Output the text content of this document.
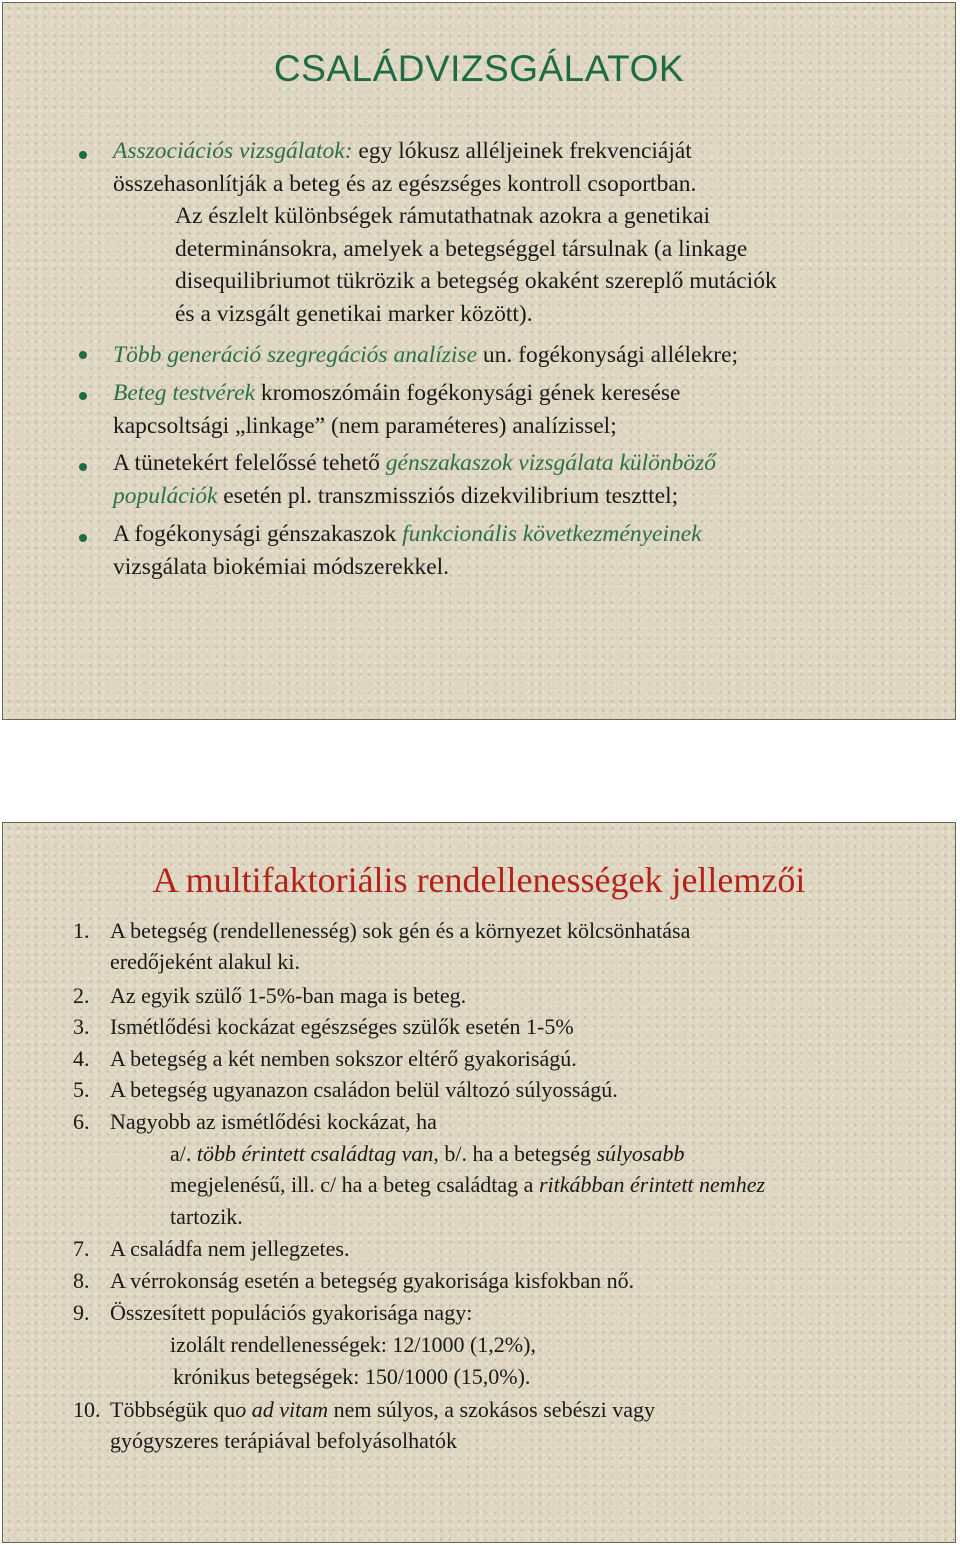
CSALÁDVIZSGÁLATOK
Asszociációs vizsgálatok: egy lókusz alléljeinek frekvenciáját
összehasonlítják a beteg és az egészséges kontroll csoportban.
Az észlelt különbségek rámutathatnak azokra a genetikai
determinánsokra, amelyek a betegséggel társulnak (a linkage
disequilibriumot tükrözik a betegség okaként szereplő mutációk
és a vizsgált genetikai marker között).
Több generáció szegregációs analízise un. fogékonysági allélekre;
Beteg testvérek kromoszómáin fogékonysági gének keresése
kapcsoltsági „linkage” (nem paraméteres) analízissel;
A tünetekért felelőssé tehető génszakaszok vizsgálata különböző
populációk esetén pl. transzmissziós dizekvilibrium teszttel;
A fogékonysági génszakaszok funkcionális következményeinek
vizsgálata biokémiai módszerekkel.
A multifaktoriális rendellenességek jellemzői
1. A betegség (rendellenesség) sok gén és a környezet kölcsönhatása
eredőjeként alakul ki.
2. Az egyik szülő 1-5%-ban maga is beteg.
3. Ismétlődési kockázat egészséges szülők esetén 1-5%
4. A betegség a két nemben sokszor eltérő gyakoriságú.
5. A betegség ugyanazon családon belül változó súlyosságú.
6. Nagyobb az ismétlődési kockázat, ha
a/. több érintett családtag van, b/. ha a betegség súlyosabb
megjelenésű, ill. c/ ha a beteg családtag a ritkábban érintett nemhez
tartozik.
7. A családfa nem jellegzetes.
8. A vérrokonság esetén a betegség gyakorisága kisfokban nő.
9. Összesített populációs gyakorisága nagy:
izolált rendellenességek: 12/1000 (1,2%),
krónikus betegségek: 150/1000 (15,0%).
10. Többségük quo ad vitam nem súlyos, a szokásos sebészi vagy
gyógyszeres terápiával befolyásolhatók
